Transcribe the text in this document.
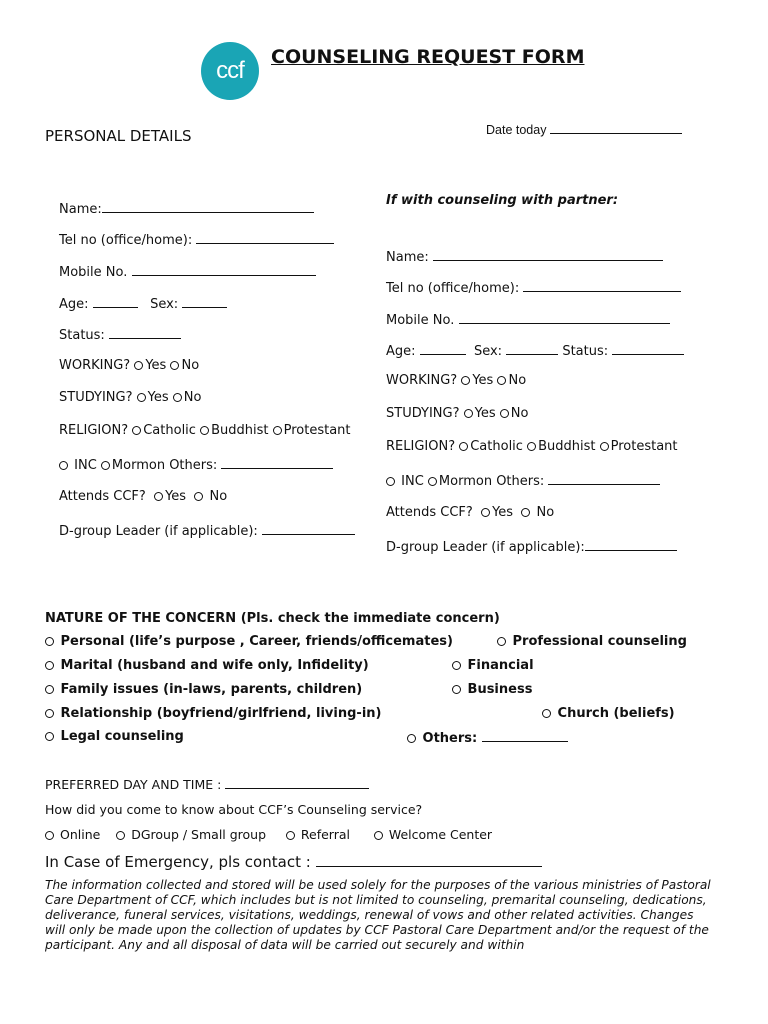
ccf COUNSELING REQUEST FORM
PERSONAL DETAILS	Date today
Name:
Tel no (office/home):
Mobile No.
Age:	Sex:
Status:
WORKING? Yes No
STUDYING? Yes No
RELIGION? Catholic Buddhist Protestant
INC Mormon Others:
Attends CCF? Yes No
D-group Leader (if applicable):
If with counseling with partner:
Name:
Tel no (office/home):
Mobile No.
Age:	Sex:	Status:
WORKING? Yes No
STUDYING? Yes No
RELIGION? Catholic Buddhist Protestant
INC Mormon Others:
Attends CCF? Yes No
D-group Leader (if applicable):
NATURE OF THE CONCERN (Pls. check the immediate concern)
Personal (life’s purpose , Career, friends/officemates)	Professional counseling
Marital (husband and wife only, Infidelity)	Financial
Family issues (in-laws, parents, children)	Business
Relationship (boyfriend/girlfriend, living-in)	Church (beliefs)
Legal counseling	Others:
PREFERRED DAY AND TIME :
How did you come to know about CCF’s Counseling service?
Online DGroup / Small group	Referral	Welcome Center
In Case of Emergency, pls contact :
The information collected and stored will be used solely for the purposes of the various ministries of Pastoral Care Department of CCF, which includes but is not limited to counseling, premarital counseling, dedications, deliverance, funeral services, visitations, weddings, renewal of vows and other related activities. Changes will only be made upon the collection of updates by CCF Pastoral Care Department and/or the request of the participant. Any and all disposal of data will be carried out securely and within
